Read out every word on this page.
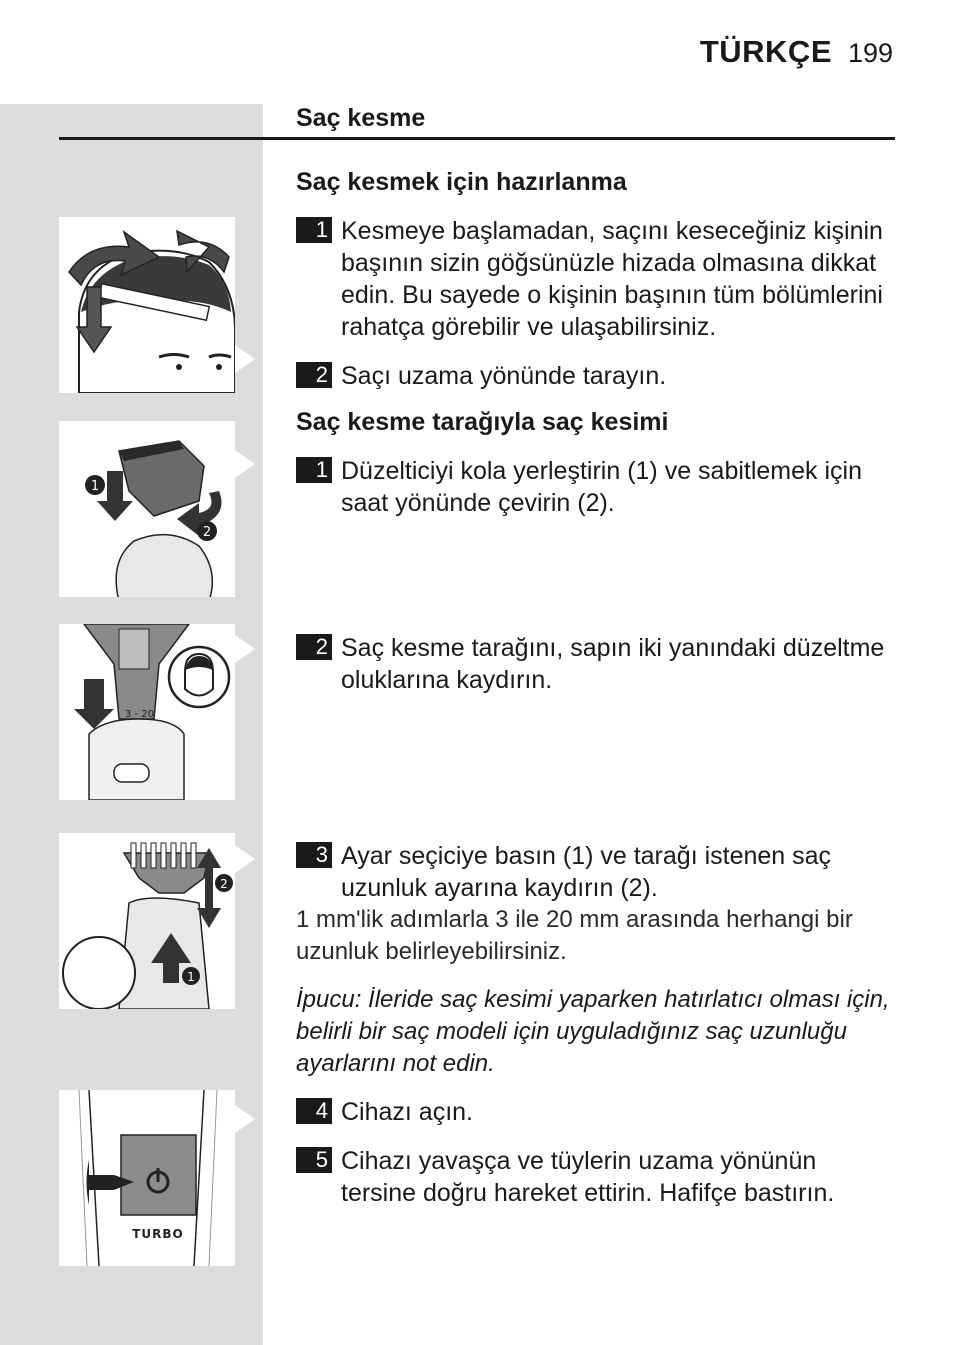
TÜRKÇE 199
Saç kesme
Saç kesmek için hazırlanma
1 Kesmeye başlamadan, saçını keseceğiniz kişinin başının sizin göğsünüzle hizada olmasına dikkat edin. Bu sayede o kişinin başının tüm bölümlerini rahatça görebilir ve ulaşabilirsiniz.
2 Saçı uzama yönünde tarayın.
Saç kesme tarağıyla saç kesimi
1 Düzelticiyi kola yerleştirin (1) ve sabitlemek için saat yönünde çevirin (2).
2 Saç kesme tarağını, sapın iki yanındaki düzeltme oluklarına kaydırın.
3 Ayar seçiciye basın (1) ve tarağı istenen saç uzunluk ayarına kaydırın (2).
1 mm'lik adımlarla 3 ile 20 mm arasında herhangi bir uzunluk belirleyebilirsiniz.
İpucu: İleride saç kesimi yaparken hatırlatıcı olması için, belirli bir saç modeli için uyguladığınız saç uzunluğu ayarlarını not edin.
4 Cihazı açın.
5 Cihazı yavaşça ve tüylerin uzama yönünün tersine doğru hareket ettirin. Hafifçe bastırın.
1
2
3 - 20
2
1
TURBO
